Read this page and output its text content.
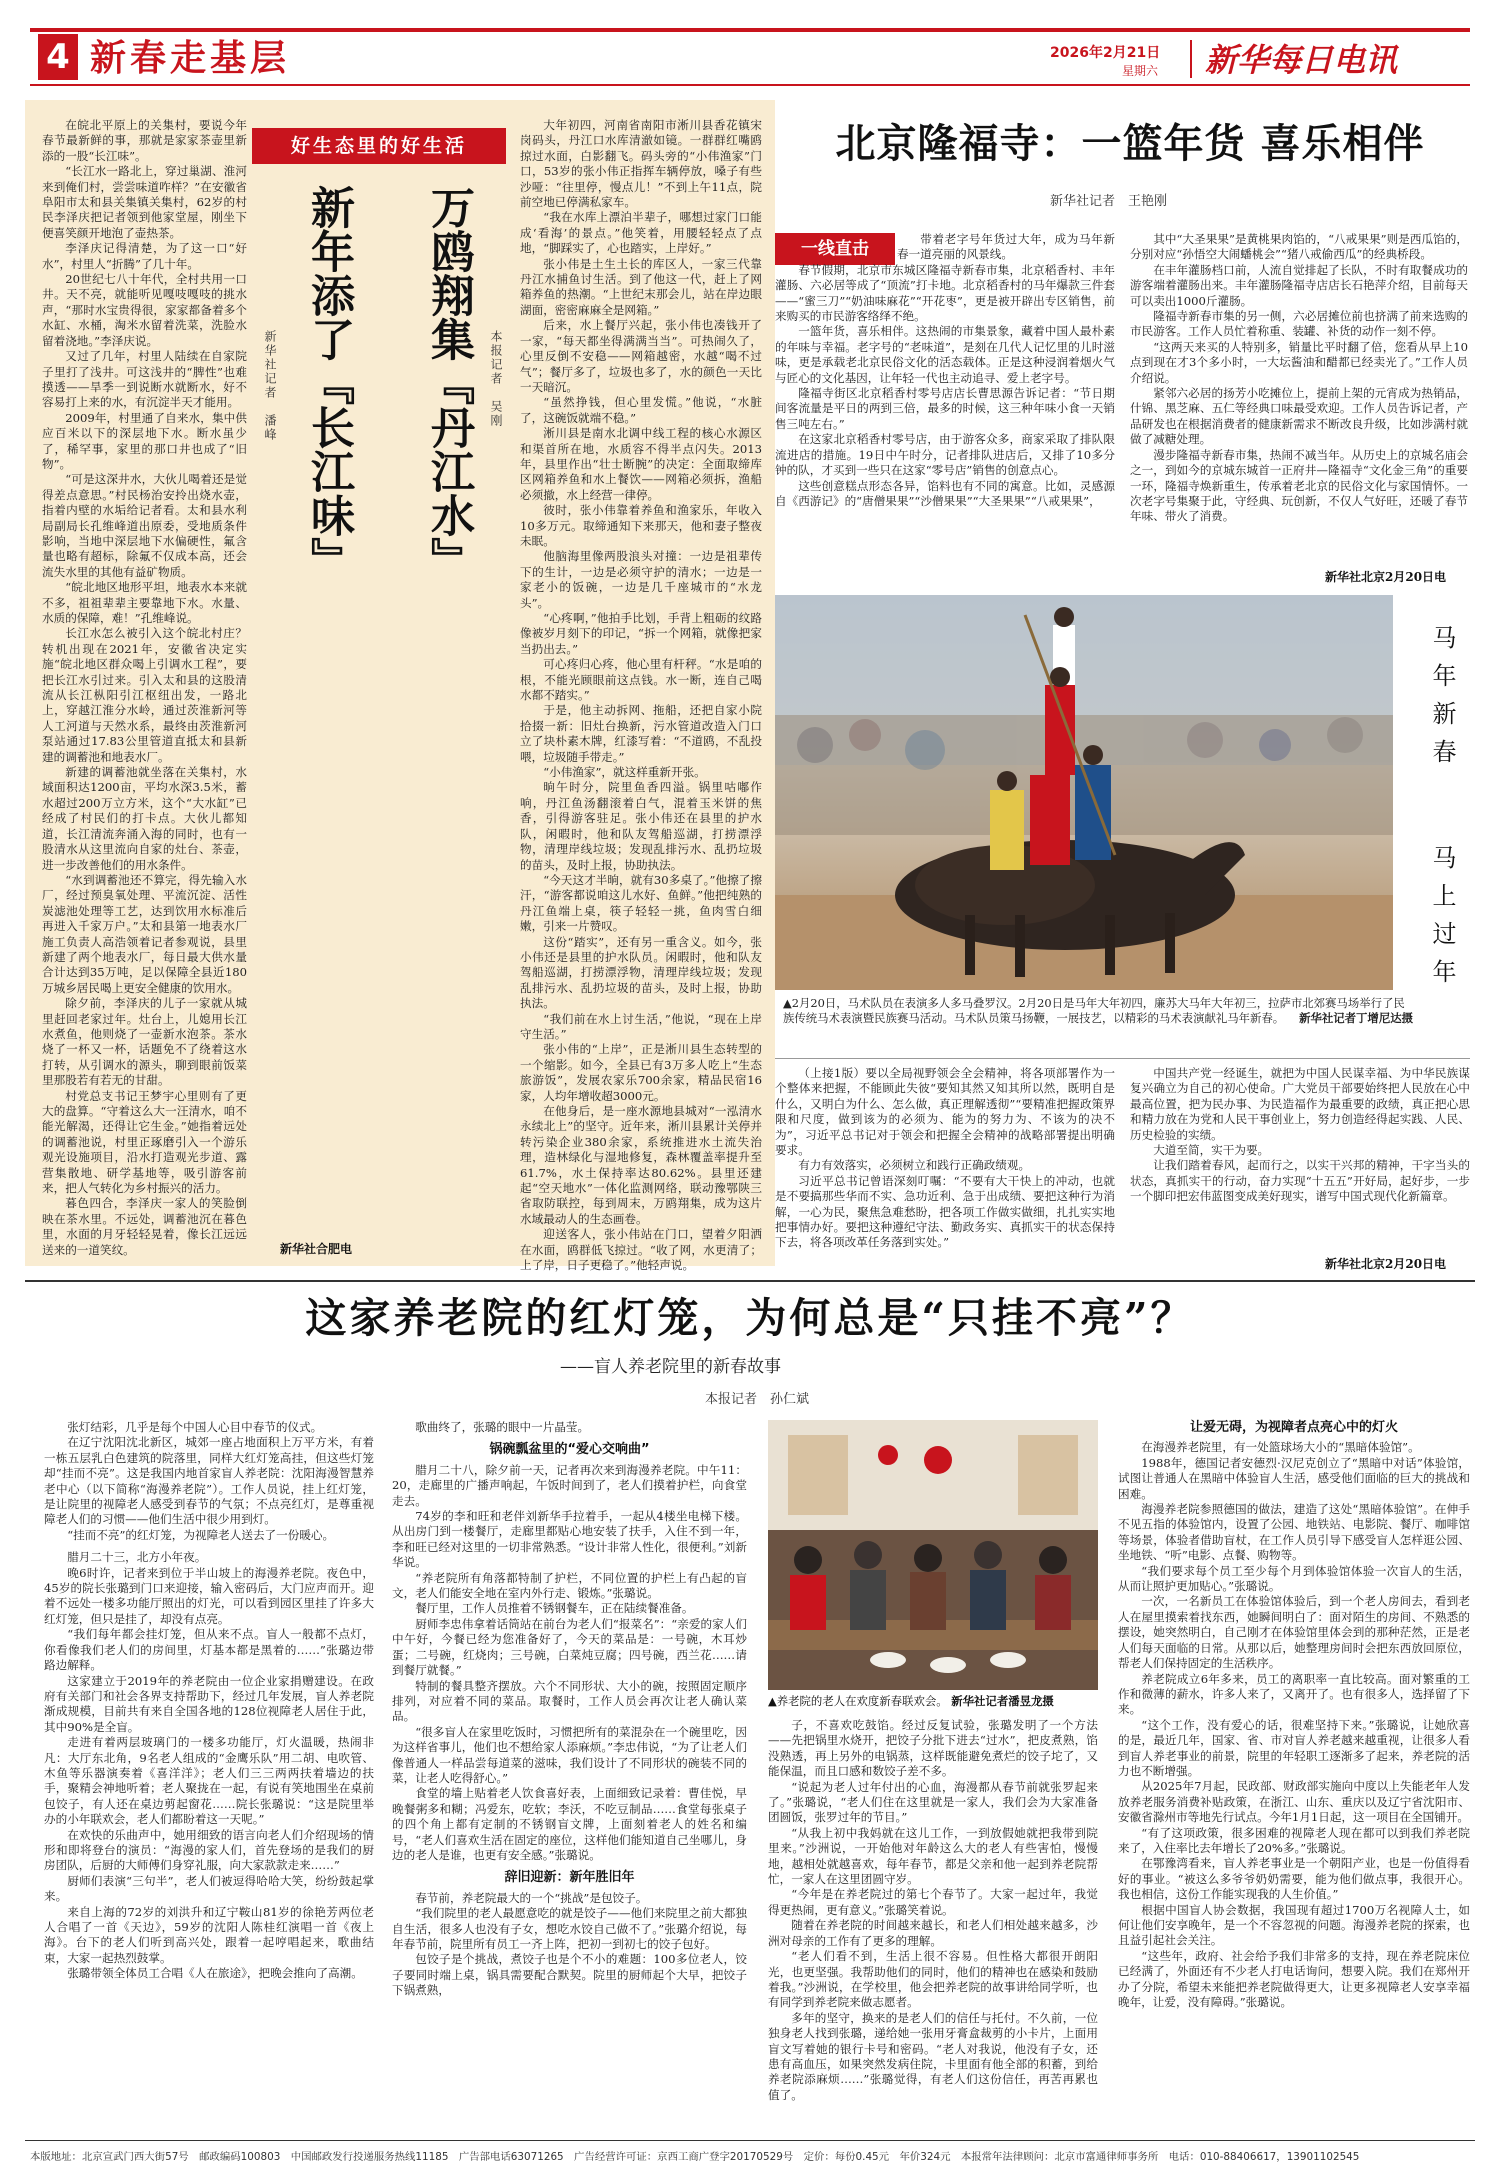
4 新春走基层	2026年2月21日
星期六 新华每日电讯
好生态里的好生活

在皖北平原上的关集村，要说今年春节最新鲜的事，那就是家家茶壶里新添的一股“长江味”。

“长江水一路北上，穿过巢湖、淮河来到俺们村，尝尝味道咋样？”在安徽省阜阳市太和县关集镇关集村，62岁的村民李泽庆把记者领到他家堂屋，刚坐下便喜笑颜开地泡了壶热茶。

李泽庆记得清楚，为了这一口“好水”，村里人“折腾”了几十年。

20世纪七八十年代，全村共用一口井。天不亮，就能听见嘎吱嘎吱的挑水声，“那时水宝贵得很，家家都备着多个水缸、水桶，淘米水留着洗菜，洗脸水留着浇地。”李泽庆说。

又过了几年，村里人陆续在自家院子里打了浅井。可这浅井的“脾性”也难摸透——旱季一到说断水就断水，好不容易打上来的水，有沉淀半天才能用。

2009年，村里通了自来水，集中供应百米以下的深层地下水。断水虽少了，稀罕事，家里的那口井也成了“旧物”。

“可是这深井水，大伙儿喝着还是觉得差点意思。”村民杨治安拎出烧水壶，指着内壁的水垢给记者看。太和县水利局副局长孔维峰道出原委，受地质条件影响，当地中深层地下水偏硬性，氟含量也略有超标，除氟不仅成本高，还会流失水里的其他有益矿物质。

“皖北地区地形平坦，地表水本来就不多，祖祖辈辈主要靠地下水。水量、水质的保障，难！”孔维峰说。

长江水怎么被引入这个皖北村庄？转机出现在2021年，安徽省决定实施“皖北地区群众喝上引调水工程”，要把长江水引过来。引入太和县的这股清流从长江枞阳引江枢纽出发，一路北上，穿越江淮分水岭，通过茨淮新河等人工河道与天然水系，最终由茨淮新河泵站通过17.83公里管道直抵太和县新建的调蓄池和地表水厂。

新建的调蓄池就坐落在关集村，水域面积达1200亩，平均水深3.5米，蓄水超过200万立方米，这个“大水缸”已经成了村民们的打卡点。大伙儿都知道，长江清流奔涌入海的同时，也有一股清水从这里流向自家的灶台、茶壶，进一步改善他们的用水条件。

“水到调蓄池还不算完，得先输入水厂，经过预臭氧处理、平流沉淀、活性炭滤池处理等工艺，达到饮用水标准后再进入千家万户。”太和县第一地表水厂施工负责人高浩领着记者参观说，县里新建了两个地表水厂，每日最大供水量合计达到35万吨，足以保障全县近180万城乡居民喝上更安全健康的饮用水。

除夕前，李泽庆的儿子一家就从城里赶回老家过年。灶台上，儿媳用长江水煮鱼，他则烧了一壶新水泡茶。茶水烧了一杯又一杯，话题免不了绕着这水打转，从引调水的源头，聊到眼前饭菜里那股若有若无的甘甜。

村党总支书记王梦宇心里则有了更大的盘算。“守着这么大一汪清水，咱不能光解渴，还得让它生金。”她指着远处的调蓄池说，村里正琢磨引入一个游乐观光设施项目，沿水打造观光步道、露营集散地、研学基地等，吸引游客前来，把人气转化为乡村振兴的活力。

暮色四合，李泽庆一家人的笑脸倒映在茶水里。不远处，调蓄池沉在暮色里，水面的月牙轻轻晃着，像长江远远送来的一道笑纹。

新年添了『长江味』
新华社记者　潘峰	万鸥翔集『丹江水』 本报记者　吴刚

大年初四，河南省南阳市淅川县香花镇宋岗码头，丹江口水库清澈如镜。一群群红嘴鸥掠过水面，白影翻飞。码头旁的“小伟渔家”门口，53岁的张小伟正指挥车辆停放，嗓子有些沙哑：“往里停，慢点儿！”不到上午11点，院前空地已停满私家车。

“我在水库上漂泊半辈子，哪想过家门口能成‘看海’的景点。”他笑着，用腰轻轻点了点地，“脚踩实了，心也踏实，上岸好。”

张小伟是土生土长的库区人，一家三代靠丹江水捕鱼讨生活。到了他这一代，赶上了网箱养鱼的热潮。“上世纪末那会儿，站在岸边眼湖面，密密麻麻全是网箱。”

后来，水上餐厅兴起，张小伟也凑钱开了一家，“每天都坐得满满当当”。可热闹久了，心里反倒不安稳——网箱越密，水越“喝不过气”；餐厅多了，垃圾也多了，水的颜色一天比一天暗沉。

“虽然挣钱，但心里发慌。”他说，“水脏了，这碗饭就端不稳。”

淅川县是南水北调中线工程的核心水源区和渠首所在地，水质容不得半点闪失。2013年，县里作出“壮士断腕”的决定：全面取缔库区网箱养鱼和水上餐饮——网箱必须拆，渔船必须撤，水上经营一律停。

彼时，张小伟靠着养鱼和渔家乐，年收入10多万元。取缔通知下来那天，他和妻子整夜未眠。

他脑海里像两股浪头对撞：一边是祖辈传下的生计，一边是必须守护的清水；一边是一家老小的饭碗，一边是几千座城市的“水龙头”。

“心疼啊，”他拍手比划，手背上粗砺的纹路像被岁月刻下的印记，“拆一个网箱，就像把家当扔出去。”

可心疼归心疼，他心里有杆秤。“水是咱的根，不能光顾眼前这点钱。水一断，连自己喝水都不踏实。”

于是，他主动拆网、拖船，还把自家小院拾掇一新：旧灶台换新，污水管道改造入门口立了块朴素木牌，红漆写着：“不道鸥，不乱投喂，垃圾随手带走。”

“小伟渔家”，就这样重新开张。

晌午时分，院里鱼香四溢。锅里咕嘟作响，丹江鱼汤翻滚着白气，混着玉米饼的焦香，引得游客驻足。张小伟还在县里的护水队，闲暇时，他和队友驾船巡湖，打捞漂浮物，清理岸线垃圾；发现乱排污水、乱扔垃圾的苗头，及时上报，协助执法。

“今天这才半晌，就有30多桌了。”他擦了擦汗，“游客都说咱这儿水好、鱼鲜。”他把纯熟的丹江鱼端上桌，筷子轻轻一挑，鱼肉雪白细嫩，引来一片赞叹。

这份“踏实”，还有另一重含义。如今，张小伟还是县里的护水队员。闲暇时，他和队友驾船巡湖，打捞漂浮物，清理岸线垃圾；发现乱排污水、乱扔垃圾的苗头，及时上报，协助执法。

“我们前在水上讨生活，”他说，“现在上岸守生活。”

张小伟的“上岸”，正是淅川县生态转型的一个缩影。如今，全县已有3万多人吃上“生态旅游饭”，发展农家乐700余家，精品民宿16家，人均年增收超3000元。

在他身后，是一座水源地县城对“一泓清水永续北上”的坚守。近年来，淅川县累计关停并转污染企业380余家，系统推进水土流失治理，造林绿化与湿地修复，森林覆盖率提升至61.7%，水土保持率达80.62%。县里还建起“空天地水”一体化监测网络，联动豫鄂陕三省取防联控，每到周末，万鸥翔集，成为这片水域最动人的生态画卷。

迎送客人，张小伟站在门口，望着夕阳洒在水面，鸥群低飞掠过。“收了网，水更清了；上了岸，日子更稳了。”他轻声说。

新华社合肥电
北京隆福寺：一篮年货 喜乐相伴
新华社记者　王艳刚
一线直击	带着老字号年货过大年，成为马年新春一道亮丽的风景线。

春节假期，北京市东城区隆福寺新春市集，北京稻香村、丰年灌肠、六必居等成了“顶流”打卡地。北京稻香村的马年爆款三件套——“蜜三刀”“奶油味麻花”“开花枣”，更是被开辟出专区销售，前来购买的市民游客络绎不绝。

一篮年货，喜乐相伴。这热闹的市集景象，藏着中国人最朴素的年味与幸福。老字号的“老味道”，是刻在几代人记忆里的儿时滋味，更是承载老北京民俗文化的活态载体。正是这种浸润着烟火气与匠心的文化基因，让年轻一代也主动追寻、爱上老字号。

隆福寺街区北京稻香村零号店店长曹思源告诉记者：“节日期间客流量是平日的两到三倍，最多的时候，这三种年味小食一天销售三吨左右。”

在这家北京稻香村零号店，由于游客众多，商家采取了排队限流进店的措施。19日中午时分，记者排队进店后，又排了10多分钟的队，才买到一些只在这家“零号店”销售的创意点心。

这些创意糕点形态各异，馅料也有不同的寓意。比如，灵感源自《西游记》的“唐僧果果”“沙僧果果”“大圣果果”“八戒果果”，

其中“大圣果果”是黄桃果肉馅的，“八戒果果”则是西瓜馅的，分别对应“孙悟空大闹蟠桃会”“猪八戒偷西瓜”的经典桥段。

在丰年灌肠档口前，人流自觉排起了长队，不时有取餐成功的游客端着灌肠出来。丰年灌肠隆福寺店店长石艳萍介绍，目前每天可以卖出1000斤灌肠。

隆福寺新春市集的另一侧，六必居摊位前也挤满了前来选购的市民游客。工作人员忙着称重、装罐、补货的动作一刻不停。

“这两天来买的人特别多，销量比平时翻了倍，您看从早上10点到现在才3个多小时，一大坛酱油和醋都已经卖光了。”工作人员介绍说。

紧邻六必居的扬芳小吃摊位上，提前上架的元宵成为热销品，什锦、黑芝麻、五仁等经典口味最受欢迎。工作人员告诉记者，产品研发也在根据消费者的健康新需求不断改良升级，比如涉满村就做了减糖处理。

漫步隆福寺新春市集，热闹不减当年。从历史上的京城名庙会之一，到如今的京城东城首一正府井—隆福寺“文化金三角”的重要一环，隆福寺焕新重生，传承着老北京的民俗文化与家国情怀。一次老字号集聚于此，守经典、玩创新，不仅人气好旺，还暖了春节年味、带火了消费。

新华社北京2月20日电
马年新春
马上过年
▲2月20日，马术队员在表演多人多马叠罗汉。2月20日是马年大年初四，廉苏大马年大年初三，拉萨市北郊赛马场举行了民族传统马术表演暨民族赛马活动。马术队员策马扬鞭，一展技艺，以精彩的马术表演献礼马年新春。 新华社记者丁增尼达摄

（上接1版）要以全局视野领会全会精神，将各项部署作为一个整体来把握，不能顾此失彼“要知其然又知其所以然，既明自是什么，又明白为什么、怎么做，真正理解透彻”“要精准把握政策界限和尺度，做到该为的必须为、能为的努力为、不该为的决不为”，习近平总书记对于领会和把握全会精神的战略部署提出明确要求。

有力有效落实，必须树立和践行正确政绩观。

习近平总书记曾语深刻叮嘱：“不要有大干快上的冲动，也就是不要搞那些华而不实、急功近利、急于出成绩、要把这种行为消解，一心为民，聚焦急难愁盼，把各项工作做实做细，扎扎实实地把事情办好。要把这种遵纪守法、勤政务实、真抓实干的状态保持下去，将各项改革任务落到实处。”

中国共产党一经诞生，就把为中国人民谋幸福、为中华民族谋复兴确立为自己的初心使命。广大党员干部要始终把人民放在心中最高位置，把为民办事、为民造福作为最重要的政绩，真正把心思和精力放在为党和人民干事创业上，努力创造经得起实践、人民、历史检验的实绩。

大道至简，实干为要。

让我们踏着春风，起而行之，以实干兴邦的精神，干字当头的状态，真抓实干的行动，奋力实现“十五五”开好局，起好步，一步一个脚印把宏伟蓝图变成美好现实，谱写中国式现代化新篇章。

新华社北京2月20日电
这家养老院的红灯笼，为何总是“只挂不亮”？
——盲人养老院里的新春故事
本报记者　孙仁斌

张灯结彩，几乎是每个中国人心目中春节的仪式。

在辽宁沈阳沈北新区，城郊一座占地面积上万平方米，有着一栋五层乳白色建筑的院落里，同样大红灯笼高挂，但这些灯笼却“挂而不亮”。这是我国内地首家盲人养老院：沈阳海漫智慧养老中心（以下简称“海漫养老院”）。工作人员说，挂上红灯笼，是让院里的视障老人感受到春节的气氛；不点亮红灯，是尊重视障老人们的习惯——他们生活中很少用到灯。

“挂而不亮”的红灯笼，为视障老人送去了一份暖心。

腊月二十三，北方小年夜。

晚6时许，记者来到位于半山坡上的海漫养老院。夜色中，45岁的院长张璐到门口来迎接，输入密码后，大门应声而开。迎着不远处一楼多功能厅照出的灯光，可以看到园区里挂了许多大红灯笼，但只是挂了，却没有点亮。

“我们每年都会挂灯笼，但从来不点。盲人一般都不点灯，你看像我们老人们的房间里，灯基本都是黑着的……”张璐边带路边解释。

这家建立于2019年的养老院由一位企业家捐赠建设。在政府有关部门和社会各界支持帮助下，经过几年发展，盲人养老院渐成规模，目前共有来自全国各地的128位视障老人居住于此，其中90%是全盲。

走进有着两层玻璃门的一楼多功能厅，灯火温暖，热闹非凡：大厅东北角，9名老人组成的“金鹰乐队”用二胡、电吹管、木鱼等乐器演奏着《喜洋洋》；老人们三三两两扶着墙边的扶手，聚精会神地听着；老人聚拢在一起，有说有笑地围坐在桌前包饺子，有人还在桌边剪起窗花……院长张璐说：“这是院里举办的小年联欢会，老人们都盼着这一天呢。”

在欢快的乐曲声中，她用细致的语言向老人们介绍现场的情形和即将登台的演员：“海漫的家人们，首先登场的是我们的厨房团队，后厨的大师傅们身穿礼服，向大家款款走来……”

厨师们表演“三句半”，老人们被逗得哈哈大笑，纷纷鼓起掌来。

来自上海的72岁的刘洪升和辽宁鞍山81岁的徐艳芳两位老人合唱了一首《天边》，59岁的沈阳人陈桂红演唱一首《夜上海》。台下的老人们听到高兴处，跟着一起哼唱起来，歌曲结束，大家一起热烈鼓掌。

张璐带领全体员工合唱《人在旅途》，把晚会推向了高潮。

歌曲终了，张璐的眼中一片晶莹。

锅碗瓢盆里的“爱心交响曲”

腊月二十八，除夕前一天，记者再次来到海漫养老院。中午11：20，走廊里的广播声响起，午饭时间到了，老人们摸着护栏，向食堂走去。

74岁的李和旺和老伴刘新华手拉着手，一起从4楼坐电梯下楼。从出房门到一楼餐厅，走廊里都贴心地安装了扶手，入住不到一年，李和旺已经对这里的一切非常熟悉。“设计非常人性化，很便利。”刘新华说。

“养老院所有角落都特制了护栏，不同位置的护栏上有凸起的盲文，老人们能安全地在室内外行走、锻炼。”张璐说。

餐厅里，工作人员推着不锈钢餐车，正在陆续餐准备。

厨师李忠伟拿着话筒站在前台为老人们“报菜名”：“亲爱的家人们中午好，今餐已经为您准备好了，今天的菜品是：一号碗，木耳炒蛋；二号碗，红烧肉；三号碗，白菜炖豆腐；四号碗，西兰花……请到餐厅就餐。”

特制的餐具整齐摆放。六个不同形状、大小的碗，按照固定顺序排列，对应着不同的菜品。取餐时，工作人员会再次让老人确认菜品。

“很多盲人在家里吃饭时，习惯把所有的菜混杂在一个碗里吃，因为这样省事儿，他们也不想给家人添麻烦。”李忠伟说，“为了让老人们像普通人一样品尝每道菜的滋味，我们设计了不同形状的碗装不同的菜，让老人吃得舒心。”

食堂的墙上贴着老人饮食喜好表，上面细致记录着：曹佳悦，早晚餐粥多和糊；冯爱东，吃软；李沃，不吃豆制品……食堂每张桌子的四个角上都有定制的不锈钢盲文牌，上面刻着老人的姓名和编号，“老人们喜欢生活在固定的座位，这样他们能知道自己坐哪儿，身边的老人是谁，也更有安全感。”张璐说。

辞旧迎新：新年胜旧年

春节前，养老院最大的一个“挑战”是包饺子。

“我们院里的老人最愿意吃的就是饺子——他们来院里之前大都独自生活，很多人也没有子女，想吃水饺自己做不了。”张璐介绍说，每年春节前，院里所有员工一齐上阵，把初一到初七的饺子包好。

包饺子是个挑战，煮饺子也是个不小的难题：100多位老人，饺子要同时端上桌，锅具需要配合默契。院里的厨师起个大早，把饺子下锅煮熟，

▲养老院的老人在欢度新春联欢会。 新华社记者潘昱龙摄

子，不喜欢吃鼓馅。经过反复试验，张璐发明了一个方法——先把锅里水烧开，把饺子分批下进去“过水”，把皮煮熟，馅没熟透，再上另外的电锅蒸，这样既能避免煮烂的饺子坨了，又能保温，而且口感和数饺子差不多。

“说起为老人过年付出的心血，海漫都从春节前就张罗起来了。”张璐说，“老人们住在这里就是一家人，我们会为大家准备团圆饭，张罗过年的节目。”

“从我上初中我妈就在这儿工作，一到放假她就把我带到院里来。”沙洲说，一开始他对年龄这么大的老人有些害怕，慢慢地，越相处就越喜欢，每年春节，都是父亲和他一起到养老院帮忙，一家人在这里团圆守岁。

“今年是在养老院过的第七个春节了。大家一起过年，我觉得更热闹，更有意义。”张璐笑着说。

随着在养老院的时间越来越长，和老人们相处越来越多，沙洲对母亲的工作有了更多的理解。

“老人们看不到，生活上很不容易。但性格大都很开朗阳光，也更坚强。我帮助他们的同时，他们的精神也在感染和鼓励着我。”沙洲说，在学校里，他会把养老院的故事讲给同学听，也有同学到养老院来做志愿者。

多年的坚守，换来的是老人们的信任与托付。不久前，一位独身老人找到张璐，递给她一张用牙膏盒裁剪的小卡片，上面用盲文写着她的银行卡号和密码。“老人对我说，他没有子女，还患有高血压，如果突然发病住院，卡里面有他全部的积蓄，到给养老院添麻烦……”张璐觉得，有老人们这份信任，再苦再累也值了。

让爱无碍，为视障者点亮心中的灯火

在海漫养老院里，有一处篮球场大小的“黑暗体验馆”。

1988年，德国记者安德烈·汉尼克创立了“黑暗中对话”体验馆，试图让普通人在黑暗中体验盲人生活，感受他们面临的巨大的挑战和困难。

海漫养老院参照德国的做法，建造了这处“黑暗体验馆”。在伸手不见五指的体验馆内，设置了公园、地铁站、电影院、餐厅、咖啡馆等场景，体验者借助盲杖，在工作人员引导下感受盲人怎样逛公园、坐地铁、“听”电影、点餐、购物等。

“我们要求每个员工至少每个月到体验馆体验一次盲人的生活，从而让照护更加贴心。”张璐说。

一次，一名新员工在体验馆体验后，到一个老人房间去，看到老人在屋里摸索着找东西，她瞬间明白了：面对陌生的房间、不熟悉的摆设，她突然明白，自己刚才在体验馆里体会到的那种茫然，正是老人们每天面临的日常。从那以后，她整理房间时会把东西放回原位，帮老人们保持固定的生活秩序。

养老院成立6年多来，员工的离职率一直比较高。面对繁重的工作和微薄的薪水，许多人来了，又离开了。也有很多人，选择留了下来。

“这个工作，没有爱心的话，很难坚持下来。”张璐说，让她欣喜的是，最近几年，国家、省、市对盲人养老越来越重视，让很多人看到盲人养老事业的前景，院里的年轻职工逐渐多了起来，养老院的活力也不断增强。

从2025年7月起，民政部、财政部实施向中度以上失能老年人发放养老服务消费补贴政策，在浙江、山东、重庆以及辽宁省沈阳市、安徽省滁州市等地先行试点。今年1月1日起，这一项目在全国铺开。

“有了这项政策，很多困难的视障老人现在都可以到我们养老院来了，入住率比去年增长了20%多。”张璐说。

在鄂豫湾看来，盲人养老事业是一个朝阳产业，也是一份值得看好的事业。“被这么多爷爷奶奶需要，能为他们做点事，我很开心。我也相信，这份工作能实现我的人生价值。”

根据中国盲人协会数据，我国现有超过1700万名视障人士，如何让他们安享晚年，是一个不容忽视的问题。海漫养老院的探索，也且益引起社会关注。

“这些年，政府、社会给予我们非常多的支持，现在养老院床位已经满了，外面还有不少老人打电话询问，想要入院。我们在郑州开办了分院，希望未来能把养老院做得更大，让更多视障老人安享幸福晚年，让爱，没有障碍。”张璐说。

本版地址：北京宣武门西大街57号　邮政编码100803　中国邮政发行投递服务热线11185　广告部电话63071265　广告经营许可证：京西工商广登字20170529号　定价：每份0.45元　年价324元　本报常年法律顾问：北京市富通律师事务所　电话：010-88406617，13901102545
